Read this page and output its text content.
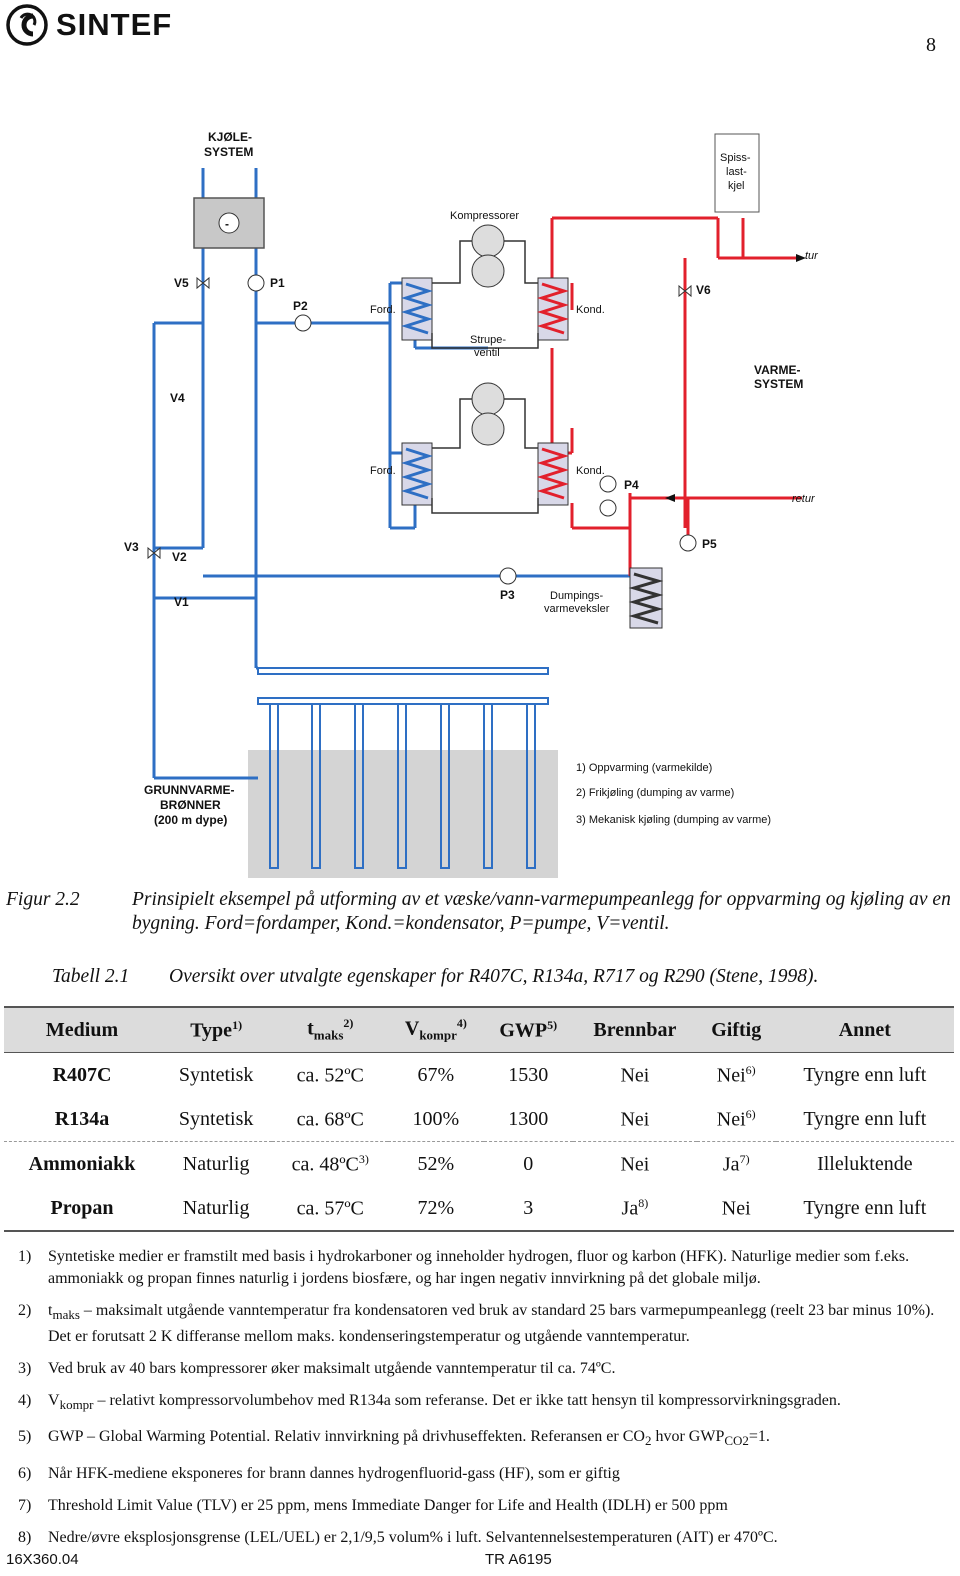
SINTEF
8
-
KJØLE-
SYSTEM	Spiss-
last-
kjel
Kompressorer
tur
retur
V5	P1
P2
V6
Ford.	Kond.
Strupe-
ventil
VARME-
SYSTEM
V4
Ford.	Kond.
P4
P5
V3
V2
V1	P3	Dumpings-
varmeveksler
1) Oppvarming (varmekilde)
2) Frikjøling (dumping av varme)
3) Mekanisk kjøling (dumping av varme)
GRUNNVARME-
BRØNNER
(200 m dype)
Figur 2.2	Prinsipielt eksempel på utforming av et væske/vann-varmepumpeanlegg for oppvarming og kjøling av en bygning. Ford=fordamper, Kond.=kondensator, P=pumpe, V=ventil.
Tabell 2.1 Oversikt over utvalgte egenskaper for R407C, R134a, R717 og R290 (Stene, 1998).
Medium	Type$^{1)}$	$t_{maks}^{2)}$	$V_{kompr}^{4)}$	GWP$^{5)}$	Brennbar	Giftig	Annet
R407C	Syntetisk	ca. 52ºC	67%	1530	Nei	Nei$^{6)}$	Tyngre enn luft
R134a	Syntetisk	ca. 68ºC	100%	1300	Nei	Nei$^{6)}$	Tyngre enn luft
Ammoniakk	Naturlig	ca. 48ºC$^{3)}$	52%	0	Nei	Ja$^{7)}$	Illeluktende
Propan	Naturlig	ca. 57ºC	72%	3	Ja$^{8)}$	Nei	Tyngre enn luft
1) Syntetiske medier er framstilt med basis i hydrokarboner og inneholder hydrogen, fluor og karbon (HFK). Naturlige medier som f.eks. ammoniakk og propan finnes naturlig i jordens biosfære, og har ingen negativ innvirkning på det globale miljø.
2) $t_{maks}$ – maksimalt utgående vanntemperatur fra kondensatoren ved bruk av standard 25 bars varmepumpeanlegg (reelt 23 bar minus 10%). Det er forutsatt 2 K differanse mellom maks. kondenseringstemperatur og utgående vanntemperatur.
3) Ved bruk av 40 bars kompressorer øker maksimalt utgående vanntemperatur til ca. 74ºC.
4) $V_{kompr}$ – relativt kompressorvolumbehov med R134a som referanse. Det er ikke tatt hensyn til kompressorvirkningsgraden.
5) GWP – Global Warming Potential. Relativ innvirkning på drivhuseffekten. Referansen er $CO_2$ hvor $GWP_{CO2}=1$.
6) Når HFK-mediene eksponeres for brann dannes hydrogenfluorid-gass (HF), som er giftig
7) Threshold Limit Value (TLV) er 25 ppm, mens Immediate Danger for Life and Health (IDLH) er 500 ppm
8) Nedre/øvre eksplosjonsgrense (LEL/UEL) er 2,1/9,5 volum% i luft. Selvantennelsestemperaturen (AIT) er 470ºC.
16X360.04	TR A6195
